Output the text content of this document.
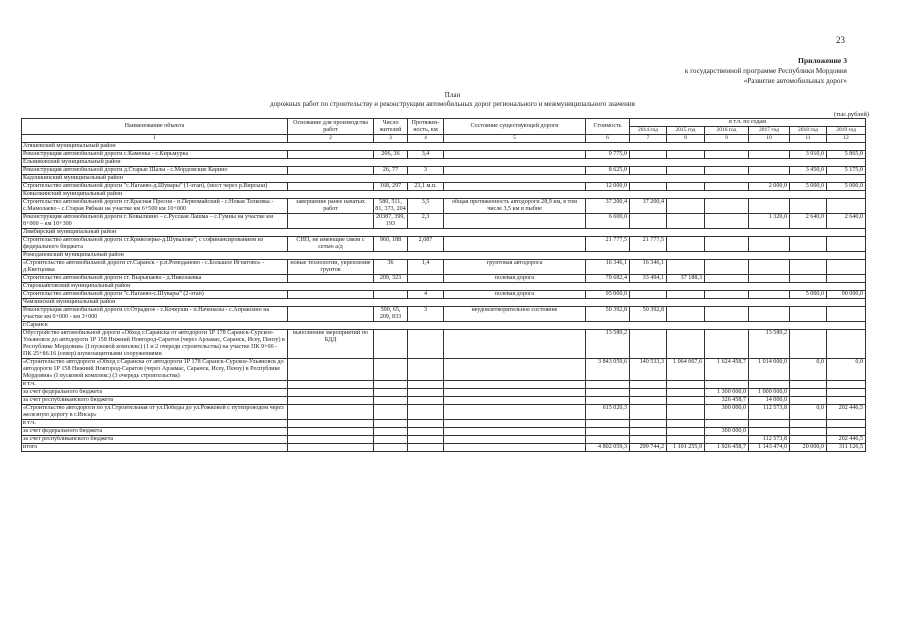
23
Приложение 3
к государственной программе Республики Мордовия
«Развитие автомобильных дорог»
План
дорожных работ по строительству и реконструкции автомобильных дорог регионального и межмуниципального значения
(тыс.рублей)
Наименование объекта	Основание для производства работ	Число жителей	Протяжен-ность, км	Состояние существующей дороги	Стоимость	в т.ч. по годам					
						2014 год	2015 год	2016 год	2017 год	2018 год	2019 год
1	2	3	4	5	6	7	8	9	10	11	12
Атяшевский муниципальный район											
Реконструкция автомобильной дороги с.Каменка - с.Кирьмуркa		206, 36	3,4		9 775,0					3 910,0	5 865,0
Ельниковский муниципальный район											
Реконструкция автомобильной дороги д.Старые Шалы - с.Мордовские Карино		26, 77	3		8 625,0					3 450,0	5 175,0
Кадошкинский муниципальный район											
Строительство автомобильной дороги "с.Нагаево-д.Шувары" (1-этап), (мост через р.Вирсыш)		168, 297	23,1 м.п.		12 000,0				2 000,0	5 000,0	5 000,0
Ковылкинский муниципальный район											
Строительство автомобильной дороги ст.Красная Пресня - п.Первомайский - с.Новая Толковка - с.Мамолаево - с.Старая Рябкан на участке км 6+500 км 10+000	завершение ранее начатых работ	580, 511, 81, 373, 204	3,5	общая протяженность автодороги 28,9 км, в том числе 3,5 км в пыбне	37 200,4	37 200,4					
Реконструкция автомобильной дороги г. Ковылкино – с.Русская Лашма – с.Гумны на участке км 8+000 – км 10+300		20387, 399, 193	2,3		6 600,0				1 320,0	2 640,0	2 640,0
Лямбирский муниципальный район											
Строительство автомобильной дороги ст.Кривозерье-д.Шувалово", с софинансированием из федерального бюджета	СНП, не имеющие связи с сетью а/д	960, 188	2,087		21 777,5	21 777,5					
Ромодановский муниципальный район											
«Строительство автомобильной дороги ст.Саранск - р.п.Ромоданово - с.Большое Игнатово» - д.Кветцовка	новые технологии, укрепление грунтов	36	1,4	грунтовая автодорога	16 346,1	16 346,1					
Строительство автомобильной дороги ст. Вырыпаево - д.Николаевка		209, 323		полевая дорога	70 682,4	33 494,1	37 188,3				
Старошайговский муниципальный район											
Строительство автомобильной дороги "с.Нагаево-с.Шувары" (2-этап)			4	полевая дорога	95 000,0					5 000,0	90 000,0
Чамзинский муниципальный район											
Реконструкция автомобильной дороги ст.Отрадное - с.Кочкуши - п.Наченалы - с.Апраксино на участке км 0+000 - км 3+000		590, 65, 209, 833	3	неудовлетворительное состояние	50 392,8	50 392,8					
г.Саранск											
Обустройство автомобильной дороги «Обход г.Саранска от автодороги 1Р 178 Саранск-Сурское-Ульяновск до автодороги 1Р 158 Нижний Новгород-Саратов (через Арзамас, Саранск, Исеу, Пензу) в Республике Мордовия» (I пусковой комплекс) (1 и 2 очереди строительства) на участке ПК 9+00 - ПК 25+86.16 (север) шумозащитными сооружениями	выполнение мероприятий по БДД				13 580,2				13 580,2		
«Строительство автодороги «Обход г.Саранска от автодороги 1Р 178 Саранск-Сурское-Ульяновск до автодороги 1Р 158 Нижний Новгород-Саратов (через Арзамас, Саранск, Исеу, Пензу) в Республике Мордовия» (I пусковой комплекс) (3 очередь строительства)					3 843 059,6	140 533,3	1 064 067,6	1 624 458,7	1 014 000,0	0,0	0,0
в т.ч.											
за счет федерального бюджета								1 300 000,0	1 000 000,0		
за счет республиканского бюджета								326 458,7	14 000,0		
«Строительство автодороги по ул.Строительная от ул.Победы до ул.Рожковой с путепроводом через железную дорогу в г.Инсар»					615 020,3			300 000,0	112 573,8	0,0	202 446,5
в т.ч.											
за счет федерального бюджета								300 000,0			
за счет республиканского бюджета									112 573,8		202 446,5
итого					4 802 059,3	299 744,2	1 101 255,9	1 926 458,7	1 143 474,0	20 000,0	311 126,5
